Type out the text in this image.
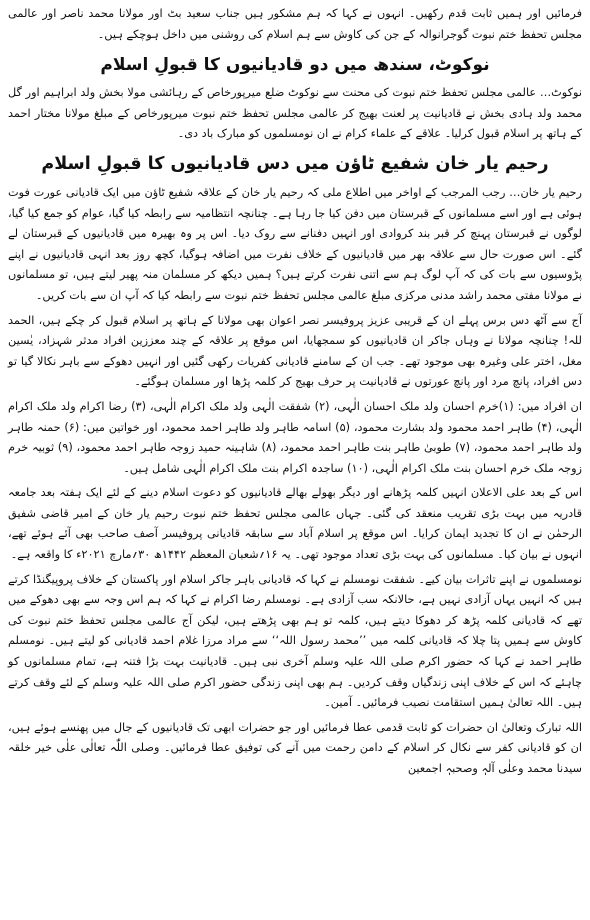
فرمائیں اور ہمیں ثابت قدم رکھیں۔ انہوں نے کہا کہ ہم مشکور ہیں جناب سعید بٹ اور مولانا محمد ناصر اور عالمی مجلس تحفظ ختم نبوت گوجرانوالہ کے جن کی کاوش سے ہم اسلام کی روشنی میں داخل ہوچکے ہیں۔

نوکوٹ، سندھ میں دو قادیانیوں کا قبولِ اسلام

نوکوٹ… عالمی مجلس تحفظ ختم نبوت کی محنت سے نوکوٹ ضلع میرپورخاص کے رہائشی مولا بخش ولد ابراہیم اور گل محمد ولد ہادی بخش نے قادیانیت پر لعنت بھیج کر عالمی مجلس تحفظ ختم نبوت میرپورخاص کے مبلغ مولانا مختار احمد کے ہاتھ پر اسلام قبول کرلیا۔ علاقے کے علماء کرام نے ان نومسلموں کو مبارک باد دی۔

رحیم یار خان شفیع ٹاؤن میں دس قادیانیوں کا قبولِ اسلام

رحیم یار خان… رجب المرجب کے اواخر میں اطلاع ملی کہ رحیم یار خان کے علاقہ شفیع ٹاؤن میں ایک قادیانی عورت فوت ہوئی ہے اور اسے مسلمانوں کے قبرستان میں دفن کیا جا رہا ہے۔ چنانچہ انتظامیہ سے رابطہ کیا گیا، عوام کو جمع کیا گیا، لوگوں نے قبرستان پہنچ کر قبر بند کروادی اور انہیں دفنانے سے روک دیا۔ اس پر وہ بھیرہ میں قادیانیوں کے قبرستان لے گئے۔ اس صورت حال سے علاقہ بھر میں قادیانیوں کے خلاف نفرت میں اضافہ ہوگیا، کچھ روز بعد انہی قادیانیوں نے اپنے پڑوسیوں سے بات کی کہ آپ لوگ ہم سے اتنی نفرت کرتے ہیں؟ ہمیں دیکھ کر مسلمان منہ پھیر لیتے ہیں، تو مسلمانوں نے مولانا مفتی محمد راشد مدنی مرکزی مبلغ عالمی مجلس تحفظ ختم نبوت سے رابطہ کیا کہ آپ ان سے بات کریں۔

آج سے آٹھ دس برس پہلے ان کے قریبی عزیز پروفیسر نصر اعوان بھی مولانا کے ہاتھ پر اسلام قبول کر چکے ہیں، الحمد للہ! چنانچہ مولانا نے وہاں جاکر ان قادیانیوں کو سمجھایا، اس موقع پر علاقہ کے چند معززین افراد مدثر شہزاد، یٰسین مغل، اختر علی وغیرہ بھی موجود تھے۔ جب ان کے سامنے قادیانی کفریات رکھی گئیں اور انہیں دھوکے سے باہر نکالا گیا تو دس افراد، پانچ مرد اور پانچ عورتوں نے قادیانیت پر حرف بھیج کر کلمہ پڑھا اور مسلمان ہوگئے۔

ان افراد میں: (۱)خرم احسان ولد ملک احسان الٰہی، (۲) شفقت الٰہی ولد ملک اکرام الٰہی، (۳) رضا اکرام ولد ملک اکرام الٰہی، (۴) طاہر احمد محمود ولد بشارت محمود، (۵) اسامہ طاہر ولد طاہر احمد محمود، اور خواتین میں: (۶) حمنہ طاہر ولد طاہر احمد محمود، (۷) طوبیٰ طاہر بنت طاہر احمد محمود، (۸) شاہینہ حمید زوجہ طاہر احمد محمود، (۹) ثوبیہ خرم زوجہ ملک خرم احسان بنت ملک اکرام الٰہی، (۱۰) ساجدہ اکرام بنت ملک اکرام الٰہی شامل ہیں۔

اس کے بعد علی الاعلان انہیں کلمہ پڑھانے اور دیگر بھولے بھالے قادیانیوں کو دعوت اسلام دینے کے لئے ایک ہفتہ بعد جامعہ قادریہ میں بہت بڑی تقریب منعقد کی گئی۔ جہاں عالمی مجلس تحفظ ختم نبوت رحیم یار خان کے امیر قاضی شفیق الرحمٰن نے ان کا تجدید ایمان کرایا۔ اس موقع پر اسلام آباد سے سابقہ قادیانی پروفیسر آصف صاحب بھی آئے ہوئے تھے، انہوں نے بیان کیا۔ مسلمانوں کی بہت بڑی تعداد موجود تھی۔ یہ ۱۶؍شعبان المعظم ۱۴۴۲ھ ۳۰؍مارچ ۲۰۲۱ء کا واقعہ ہے۔

نومسلموں نے اپنے تاثرات بیان کیے۔ شفقت نومسلم نے کہا کہ قادیانی باہر جاکر اسلام اور پاکستان کے خلاف پروپیگنڈا کرتے ہیں کہ انہیں یہاں آزادی نہیں ہے، حالانکہ سب آزادی ہے۔ نومسلم رضا اکرام نے کہا کہ ہم اس وجہ سے بھی دھوکے میں تھے کہ قادیانی کلمہ پڑھ کر دھوکا دیتے ہیں، کلمہ تو ہم بھی پڑھتے ہیں، لیکن آج عالمی مجلس تحفظ ختم نبوت کی کاوش سے ہمیں پتا چلا کہ قادیانی کلمہ میں ’’محمد رسول اللہ‘‘ سے مراد مرزا غلام احمد قادیانی کو لیتے ہیں۔ نومسلم طاہر احمد نے کہا کہ حضور اکرم صلی اللہ علیہ وسلم آخری نبی ہیں۔ قادیانیت بہت بڑا فتنہ ہے، تمام مسلمانوں کو چاہئے کہ اس کے خلاف اپنی زندگیاں وقف کردیں۔ ہم بھی اپنی زندگی حضور اکرم صلی اللہ علیہ وسلم کے لئے وقف کرتے ہیں۔ اللہ تعالیٰ ہمیں استقامت نصیب فرمائیں۔ آمین۔

اللہ تبارک وتعالیٰ ان حضرات کو ثابت قدمی عطا فرمائیں اور جو حضرات ابھی تک قادیانیوں کے جال میں پھنسے ہوئے ہیں، ان کو قادیانی کفر سے نکال کر اسلام کے دامن رحمت میں آنے کی توفیق عطا فرمائیں۔ وصلی اللّٰہ تعالٰی علٰی خیر خلقہ سیدنا محمد وعلٰی آلہٖ وصحبہٖ اجمعین
